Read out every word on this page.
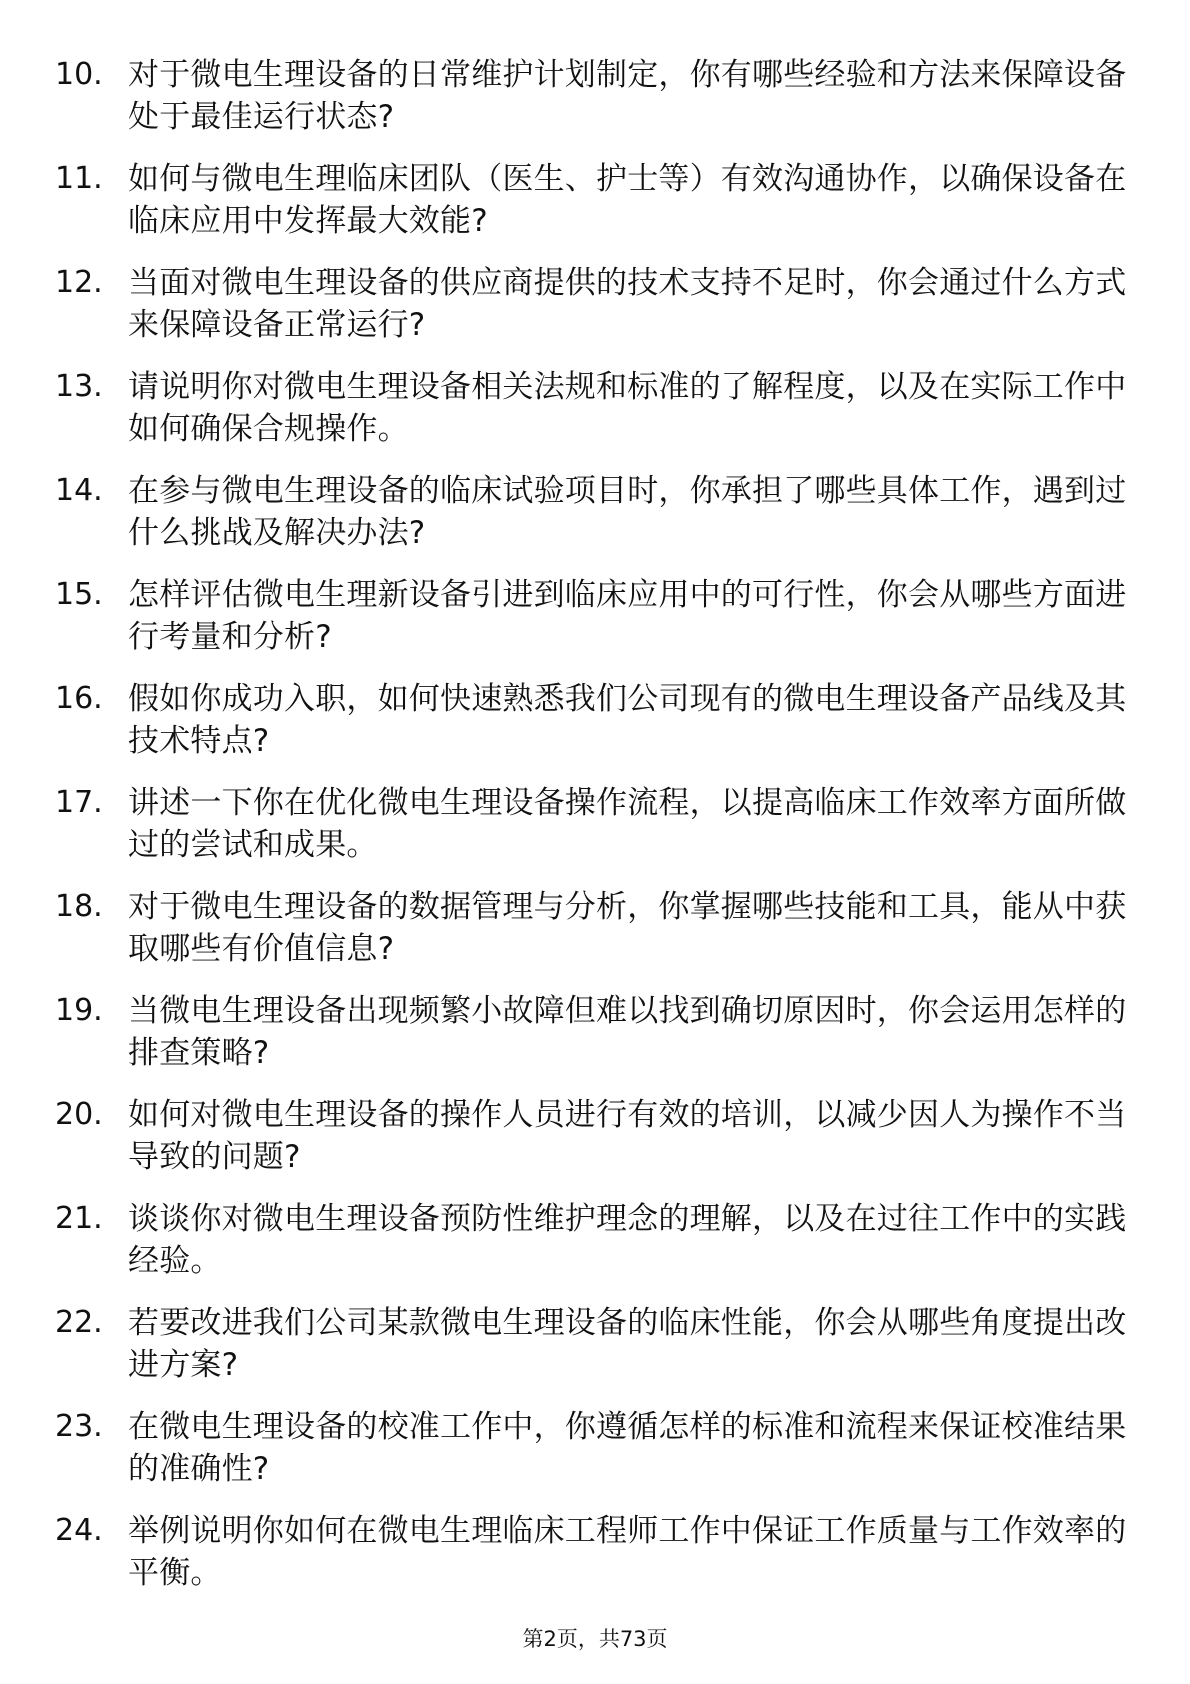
10. 对于微电生理设备的日常维护计划制定，你有哪些经验和方法来保障设备处于最佳运行状态?
11. 如何与微电生理临床团队（医生、护士等）有效沟通协作，以确保设备在临床应用中发挥最大效能?
12. 当面对微电生理设备的供应商提供的技术支持不足时，你会通过什么方式来保障设备正常运行?
13. 请说明你对微电生理设备相关法规和标准的了解程度，以及在实际工作中如何确保合规操作。
14. 在参与微电生理设备的临床试验项目时，你承担了哪些具体工作，遇到过什么挑战及解决办法?
15. 怎样评估微电生理新设备引进到临床应用中的可行性，你会从哪些方面进行考量和分析?
16. 假如你成功入职，如何快速熟悉我们公司现有的微电生理设备产品线及其技术特点?
17. 讲述一下你在优化微电生理设备操作流程，以提高临床工作效率方面所做过的尝试和成果。
18. 对于微电生理设备的数据管理与分析，你掌握哪些技能和工具，能从中获取哪些有价值信息?
19. 当微电生理设备出现频繁小故障但难以找到确切原因时，你会运用怎样的排查策略?
20. 如何对微电生理设备的操作人员进行有效的培训，以减少因人为操作不当导致的问题?
21. 谈谈你对微电生理设备预防性维护理念的理解，以及在过往工作中的实践经验。
22. 若要改进我们公司某款微电生理设备的临床性能，你会从哪些角度提出改进方案?
23. 在微电生理设备的校准工作中，你遵循怎样的标准和流程来保证校准结果的准确性?
24. 举例说明你如何在微电生理临床工程师工作中保证工作质量与工作效率的平衡。
第2页，共73页
